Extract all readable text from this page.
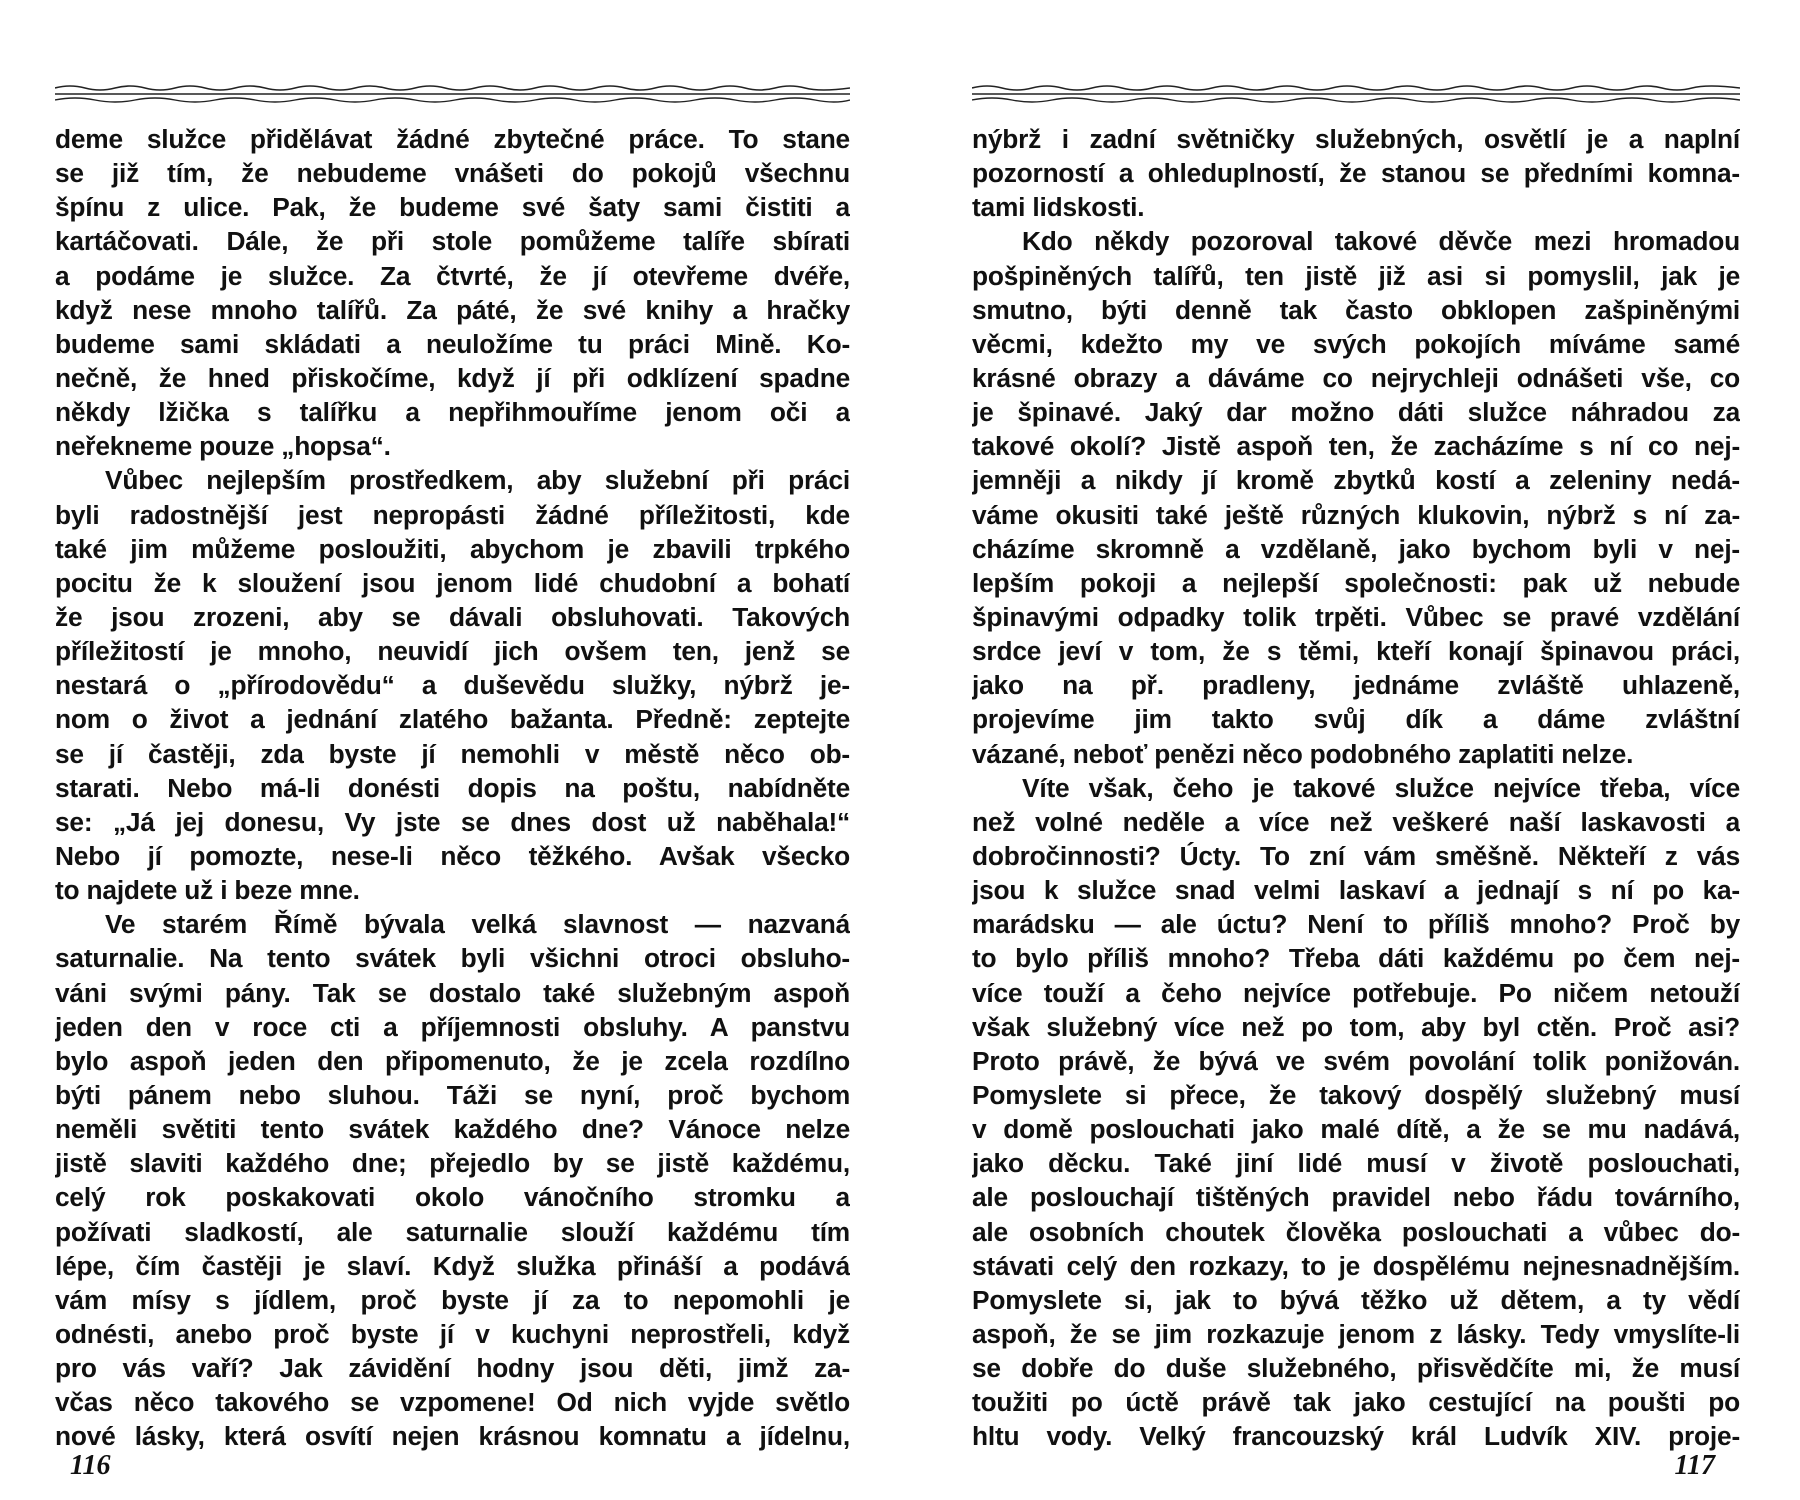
deme služce přidělávat žádné zbytečné práce. To stane
se již tím, že nebudeme vnášeti do pokojů všechnu
špínu z ulice. Pak, že budeme své šaty sami čistiti a
kartáčovati. Dále, že při stole pomůžeme talíře sbírati
a podáme je služce. Za čtvrté, že jí otevřeme dvéře,
když nese mnoho talířů. Za páté, že své knihy a hračky
budeme sami skládati a neuložíme tu práci Mině. Ko-
nečně, že hned přiskočíme, když jí při odklízení spadne
někdy lžička s talířku a nepřihmouříme jenom oči a
neřekneme pouze „hopsa“.
Vůbec nejlepším prostředkem, aby služební při práci
byli radostnější jest nepropásti žádné příležitosti, kde
také jim můžeme posloužiti, abychom je zbavili trpkého
pocitu že k sloužení jsou jenom lidé chudobní a bohatí
že jsou zrozeni, aby se dávali obsluhovati. Takových
příležitostí je mnoho, neuvidí jich ovšem ten, jenž se
nestará o „přírodovědu“ a duševědu služky, nýbrž je-
nom o život a jednání zlatého bažanta. Předně: zeptejte
se jí častěji, zda byste jí nemohli v městě něco ob-
starati. Nebo má-li donésti dopis na poštu, nabídněte
se: „Já jej donesu, Vy jste se dnes dost už naběhala!“
Nebo jí pomozte, nese-li něco těžkého. Avšak všecko
to najdete už i beze mne.
Ve starém Římě bývala velká slavnost — nazvaná
saturnalie. Na tento svátek byli všichni otroci obsluho-
váni svými pány. Tak se dostalo také služebným aspoň
jeden den v roce cti a příjemnosti obsluhy. A panstvu
bylo aspoň jeden den připomenuto, že je zcela rozdílno
býti pánem nebo sluhou. Táži se nyní, proč bychom
neměli světiti tento svátek každého dne? Vánoce nelze
jistě slaviti každého dne; přejedlo by se jistě každému,
celý rok poskakovati okolo vánočního stromku a
požívati sladkostí, ale saturnalie slouží každému tím
lépe, čím častěji je slaví. Když služka přináší a podává
vám mísy s jídlem, proč byste jí za to nepomohli je
odnésti, anebo proč byste jí v kuchyni neprostřeli, když
pro vás vaří? Jak závidění hodny jsou děti, jimž za-
včas něco takového se vzpomene! Od nich vyjde světlo
nové lásky, která osvítí nejen krásnou komnatu a jídelnu,
116
nýbrž i zadní světničky služebných, osvětlí je a naplní
pozorností a ohleduplností, že stanou se předními komna-
tami lidskosti.
Kdo někdy pozoroval takové děvče mezi hromadou
pošpiněných talířů, ten jistě již asi si pomyslil, jak je
smutno, býti denně tak často obklopen zašpiněnými
věcmi, kdežto my ve svých pokojích míváme samé
krásné obrazy a dáváme co nejrychleji odnášeti vše, co
je špinavé. Jaký dar možno dáti služce náhradou za
takové okolí? Jistě aspoň ten, že zacházíme s ní co nej-
jemněji a nikdy jí kromě zbytků kostí a zeleniny nedá-
váme okusiti také ještě různých klukovin, nýbrž s ní za-
cházíme skromně a vzdělaně, jako bychom byli v nej-
lepším pokoji a nejlepší společnosti: pak už nebude
špinavými odpadky tolik trpěti. Vůbec se pravé vzdělání
srdce jeví v tom, že s těmi, kteří konají špinavou práci,
jako na př. pradleny, jednáme zvláště uhlazeně,
projevíme jim takto svůj dík a dáme zvláštní
vázané, neboť penězi něco podobného zaplatiti nelze.
Víte však, čeho je takové služce nejvíce třeba, více
než volné neděle a více než veškeré naší laskavosti a
dobročinnosti? Úcty. To zní vám směšně. Někteří z vás
jsou k služce snad velmi laskaví a jednají s ní po ka-
marádsku — ale úctu? Není to příliš mnoho? Proč by
to bylo příliš mnoho? Třeba dáti každému po čem nej-
více touží a čeho nejvíce potřebuje. Po ničem netouží
však služebný více než po tom, aby byl ctěn. Proč asi?
Proto právě, že bývá ve svém povolání tolik ponižován.
Pomyslete si přece, že takový dospělý služebný musí
v domě poslouchati jako malé dítě, a že se mu nadává,
jako děcku. Také jiní lidé musí v životě poslouchati,
ale poslouchají tištěných pravidel nebo řádu továrního,
ale osobních choutek člověka poslouchati a vůbec do-
stávati celý den rozkazy, to je dospělému nejnesnadnějším.
Pomyslete si, jak to bývá těžko už dětem, a ty vědí
aspoň, že se jim rozkazuje jenom z lásky. Tedy vmyslíte-li
se dobře do duše služebného, přisvědčíte mi, že musí
toužiti po úctě právě tak jako cestující na poušti po
hltu vody. Velký francouzský král Ludvík XIV. proje-
117
